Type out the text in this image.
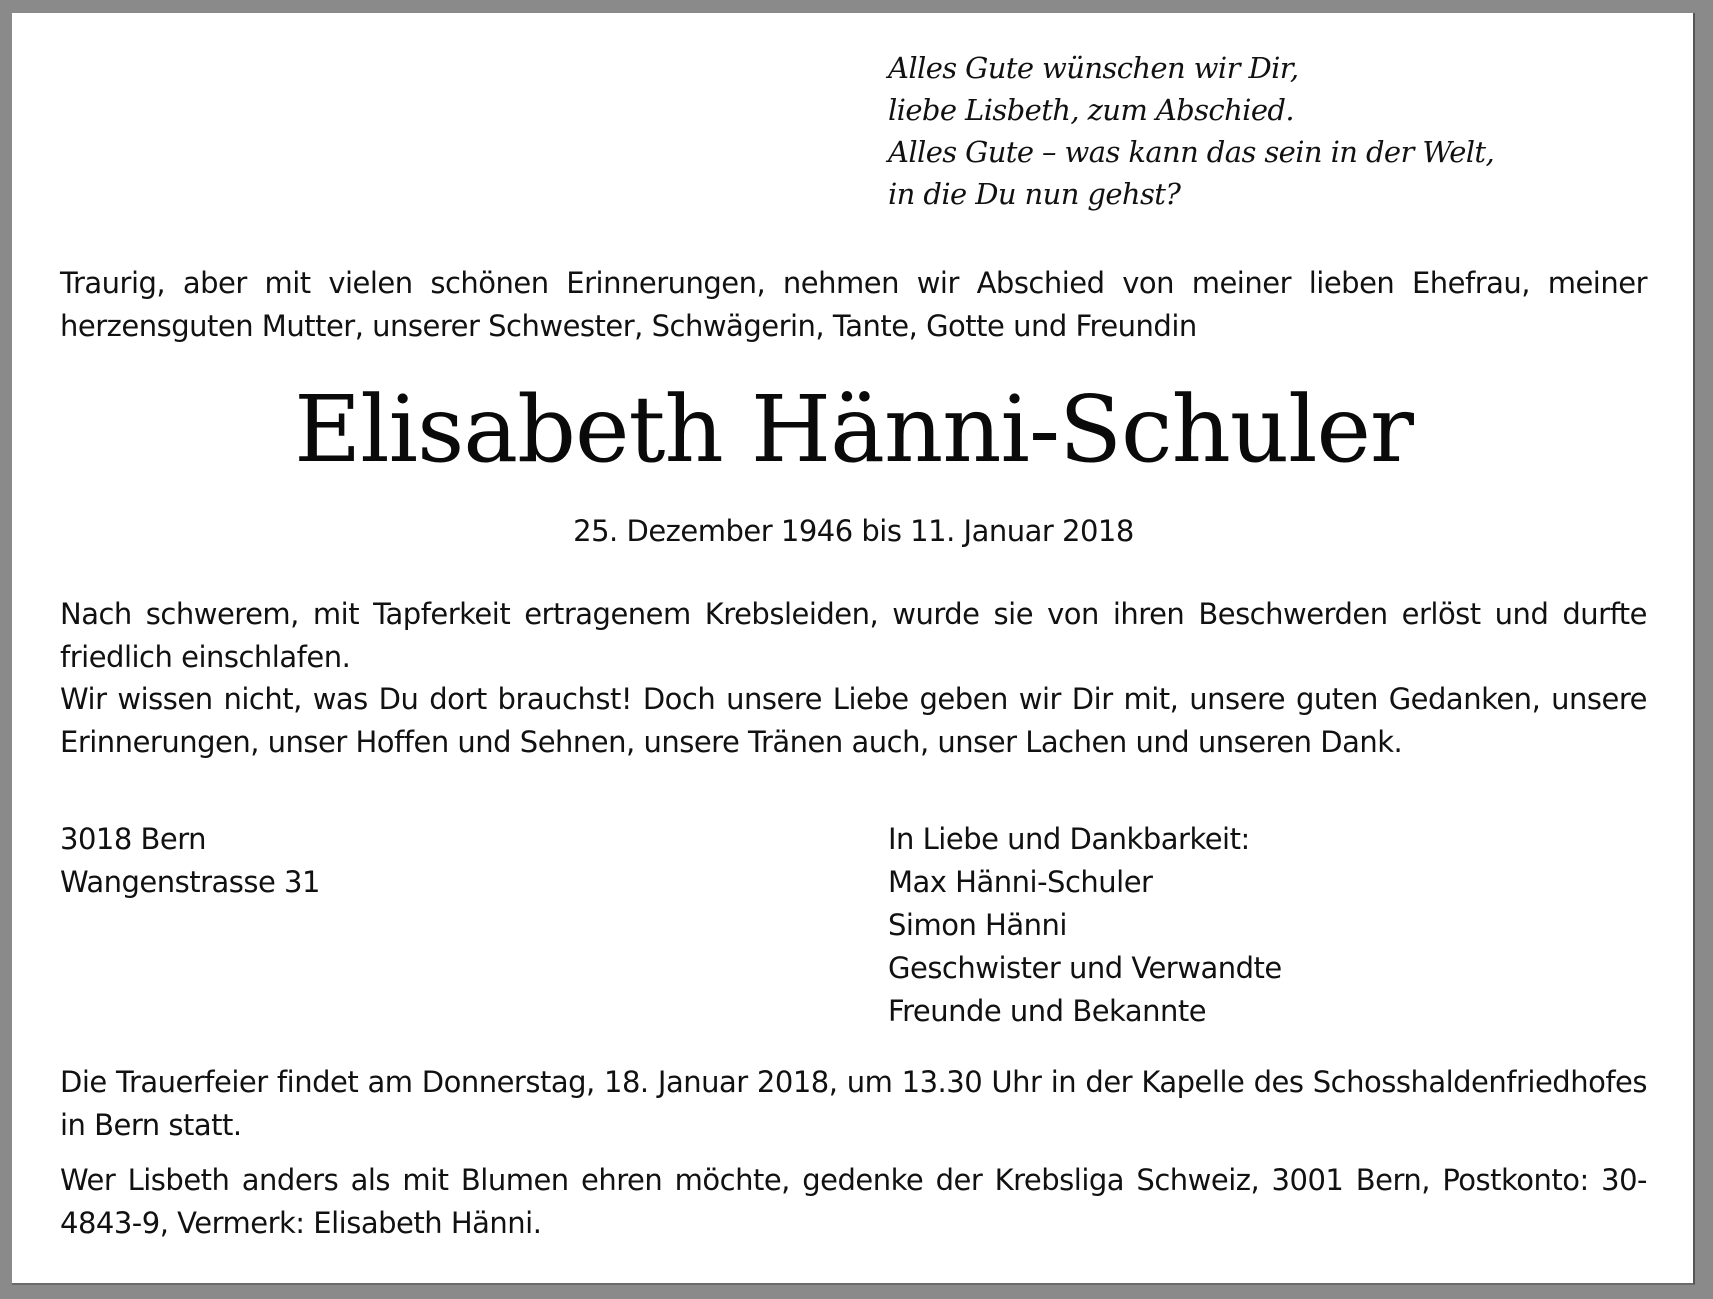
Alles Gute wünschen wir Dir,
liebe Lisbeth, zum Abschied.
Alles Gute – was kann das sein in der Welt,
in die Du nun gehst?
Traurig, aber mit vielen schönen Erinnerungen, nehmen wir Abschied von meiner lieben Ehefrau, meiner herzensguten Mutter, unserer Schwester, Schwägerin, Tante, Gotte und Freundin
Elisabeth Hänni-Schuler
25. Dezember 1946 bis 11. Januar 2018
Nach schwerem, mit Tapferkeit ertragenem Krebsleiden, wurde sie von ihren Beschwerden erlöst und durfte friedlich einschlafen.
Wir wissen nicht, was Du dort brauchst! Doch unsere Liebe geben wir Dir mit, unsere guten Gedanken, unsere Erinnerungen, unser Hoffen und Sehnen, unsere Tränen auch, unser Lachen und unseren Dank.
3018 Bern
Wangenstrasse 31
In Liebe und Dankbarkeit:
Max Hänni-Schuler
Simon Hänni
Geschwister und Verwandte
Freunde und Bekannte
Die Trauerfeier findet am Donnerstag, 18. Januar 2018, um 13.30 Uhr in der Kapelle des Schosshaldenfriedhofes in Bern statt.
Wer Lisbeth anders als mit Blumen ehren möchte, gedenke der Krebsliga Schweiz, 3001 Bern, Postkonto: 30-4843-9, Vermerk: Elisabeth Hänni.
